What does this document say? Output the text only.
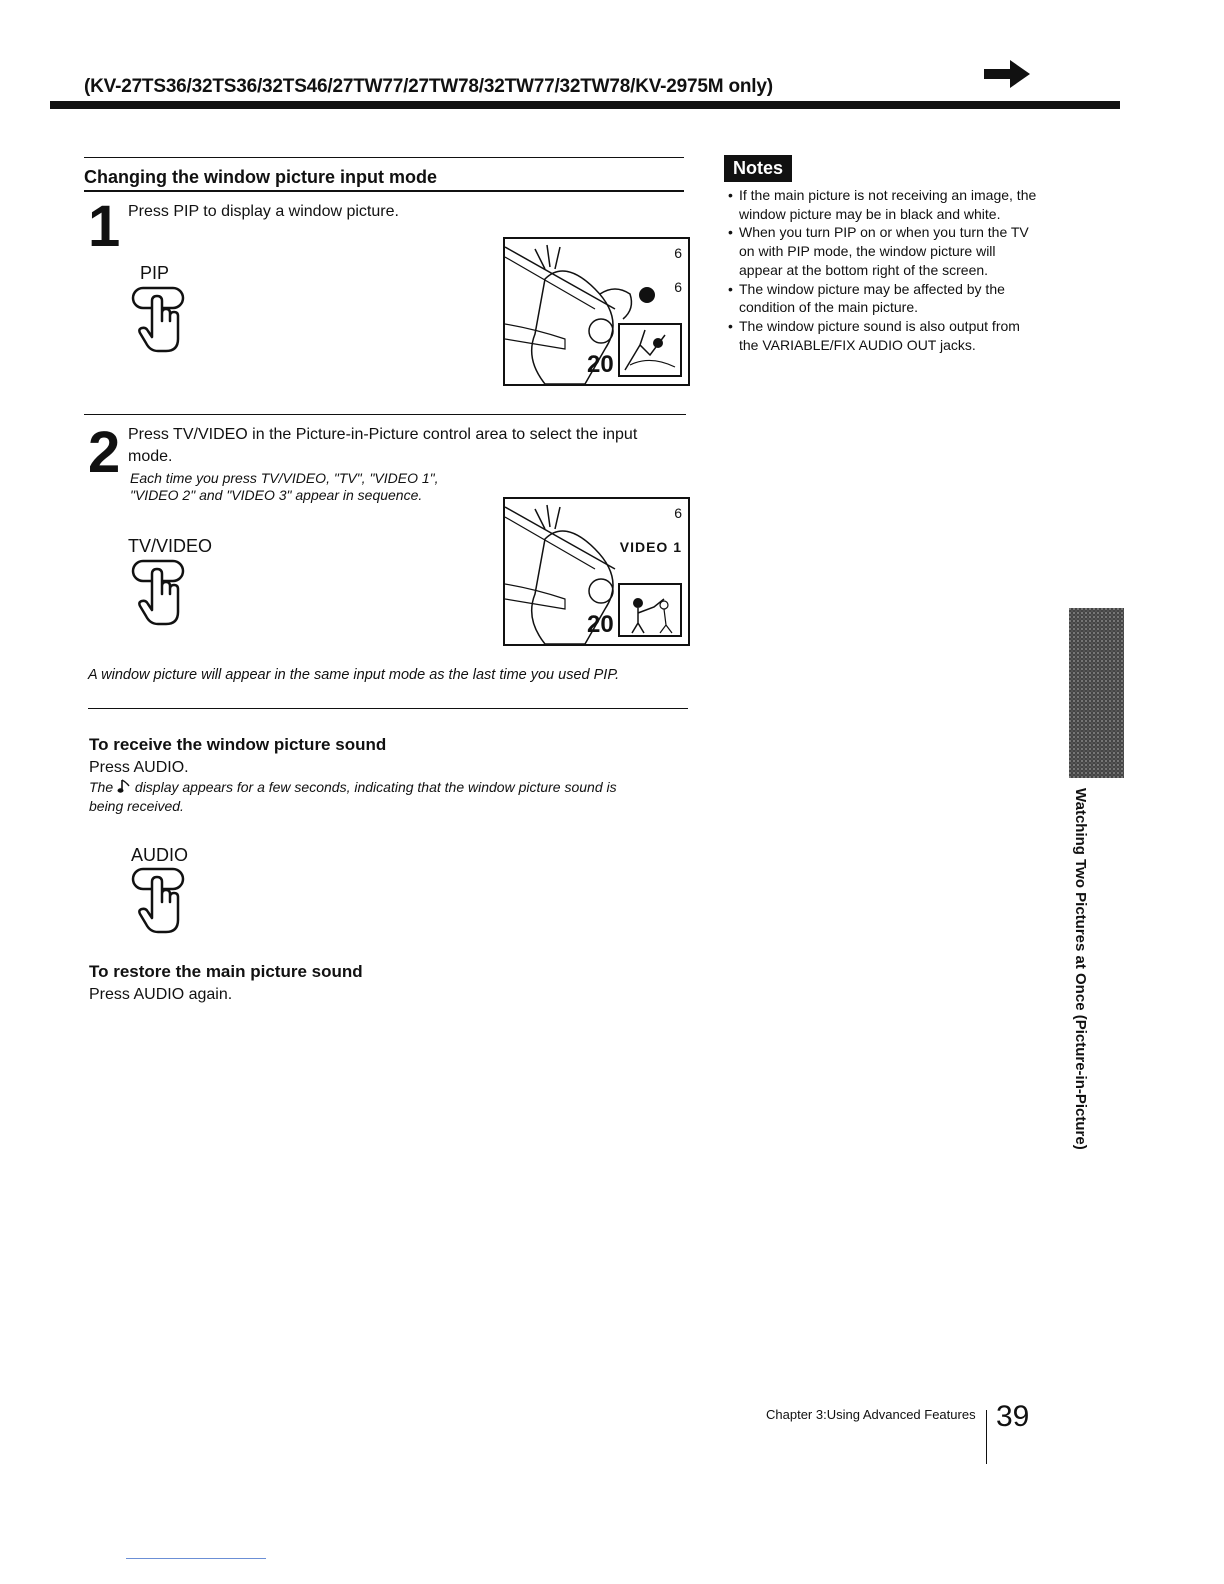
(KV-27TS36/32TS36/32TS46/27TW77/27TW78/32TW77/32TW78/KV-2975M only)
Changing the window picture input mode
1 Press PIP to display a window picture.
PIP
6
6
20
2 Press TV/VIDEO in the Picture-in-Picture control area to select the input mode.
Each time you press TV/VIDEO, "TV", "VIDEO 1",
"VIDEO 2" and "VIDEO 3" appear in sequence.
TV/VIDEO
6
VIDEO 1
20
A window picture will appear in the same input mode as the last time you used PIP.
To receive the window picture sound
Press AUDIO.
The display appears for a few seconds, indicating that the window picture sound is
being received.
AUDIO
To restore the main picture sound
Press AUDIO again.
Notes
• If the main picture is not receiving an image, the window picture may be in black and white.
• When you turn PIP on or when you turn the TV on with PIP mode, the window picture will appear at the bottom right of the screen.
• The window picture may be affected by the condition of the main picture.
• The window picture sound is also output from the VARIABLE/FIX AUDIO OUT jacks.
Watching Two Pictures at Once (Picture-in-Picture)
Chapter 3:Using Advanced Features 39
